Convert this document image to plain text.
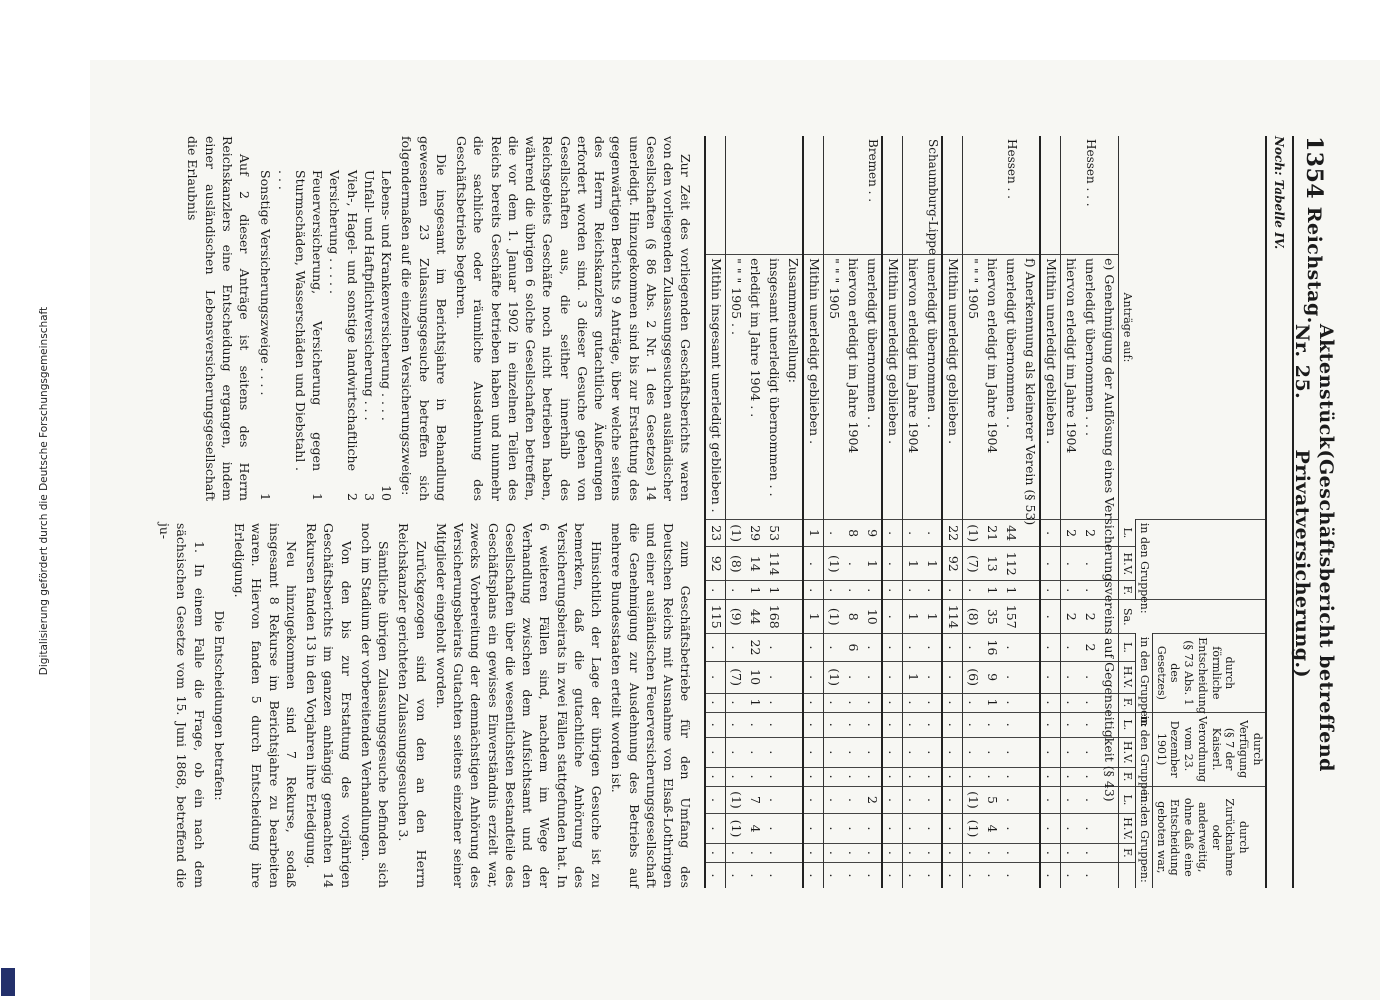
1354
Reichstag.
Aktenstück Nr. 25.
(Geschäftsbericht betreffend Privatversicherung.)
Noch: Tabelle IV.
Anträge auf:		in den Gruppen:			Sa.	durch förmliche Entscheidung (§ 73 Abs. 1 des Gesetzes)			durch Verfügung (§ 7 der Kaiserl. Verordnung vom 23. Dezember 1901)			durch Zurücknahme oder anderweitig, ohne daß eine Entscheidung geboten war,			
						in den Gruppen:			in den Gruppen:			in den Gruppen:			
		L.	H.V.	F.		L.	H.V.	F.	L.	H.V.	F.	L.	H.V.	F.	
	e) Genehmigung der Auflösung eines Versicherungsvereins auf Gegenseitigkeit (§ 43)														
Hessen . . .	unerledigt übernommen . . .	2	.	.	2	2	.	.	.	.	.	.	.	.	.
	hiervon erledigt im Jahre 1904	2	.	.	2	.	.	.	.	.	.	.	.	.	.
	Mithin unerledigt geblieben .	.	.	.	.	.	.	.	.	.	.	.	.	.	.
	f) Anerkennung als kleinerer Verein (§ 53)														
Hessen . .	unerledigt übernommen . .	44	112	1	157	.	.	.	.	.	.	.	.	.	.
	hiervon erledigt im Jahre 1904	21	13	1	35	16	9	1	.	.	.	5	4	.	.
	" " " 1905	(1)	(7)	.	(8)	.	(6)	.	.	.	.	(1)	(1)	.	.
	Mithin unerledigt geblieben .	22	92	.	114	.	.	.	.	.	.	.	.	.	.
Schaumburg-Lippe	unerledigt übernommen . .	.	1	.	1	.	.	.	.	.	.	.	.	.	.
	hiervon erledigt im Jahre 1904	.	1	.	1	.	1	.	.	.	.	.	.	.	.
	Mithin unerledigt geblieben .	.	.	.	.	.	.	.	.	.	.	.	.	.	.
Bremen . .	unerledigt übernommen . .	9	1	.	10	.	.	.	.	.	.	2	.	.	.
	hiervon erledigt im Jahre 1904	8	.	.	8	6	.	.	.	.	.	.	.	.	.
	" " " 1905	.	(1)	.	(1)	.	(1)	.	.	.	.	.	.	.	.
	Mithin unerledigt geblieben .	1	.	.	1	.	.	.	.	.	.	.	.	.	.
	Zusammenstellung:														
	insgesamt unerledigt übernommen . .	53	114	1	168	.	.	.	.	.	.	.	.	.	.
	erledigt im Jahre 1904 . .	29	14	1	44	22	10	1	.	.	.	7	4	.	.
	" " " 1905 . .	(1)	(8)	.	(9)	.	(7)	.	.	.	.	(1)	(1)	.	.
	Mithin insgesamt unerledigt geblieben .	23	92	.	115	.	.	.	.	.	.	.	.	.	.

Zur Zeit des vorliegenden Geschäftsberichts waren von den vorliegenden Zulassungsgesuchen ausländischer Gesellschaften (§ 86 Abs. 2 Nr. 1 des Gesetzes) 14 unerledigt. Hinzugekommen sind bis zur Erstattung des gegenwärtigen Berichts 9 Anträge, über welche seitens des Herrn Reichskanzlers gutachtliche Äußerungen erfordert worden sind. 3 dieser Gesuche gehen von Gesellschaften aus, die seither innerhalb des Reichsgebiets Geschäfte noch nicht betrieben haben, während die übrigen 6 solche Gesellschaften betreffen, die vor dem 1. Januar 1902 in einzelnen Teilen des Reichs bereits Geschäfte betrieben haben und nunmehr die sachliche oder räumliche Ausdehnung des Geschäftsbetriebs begehren.

Die insgesamt im Berichtsjahre in Behandlung gewesenen 23 Zulassungsgesuche betreffen sich folgendermaßen auf die einzelnen Versicherungszweige:

Lebens- und Krankenversicherung . . . .
10
Unfall- und Haftpflichtversicherung . . .
3
Vieh-, Hagel- und sonstige landwirtschaftliche Versicherung . . . . .
2
Feuerversicherung, Versicherung gegen Sturmschäden, Wasserschäden und Diebstahl . . . .
1
Sonstige Versicherungszweige . . . .
1

Auf 2 dieser Anträge ist seitens des Herrn Reichskanzlers eine Entscheidung ergangen, indem einer ausländischen Lebensversicherungsgesellschaft die Erlaubnis

zum Geschäftsbetriebe für den Umfang des Deutschen Reichs mit Ausnahme von Elsaß-Lothringen und einer ausländischen Feuerversicherungsgesellschaft die Genehmigung zur Ausdehnung des Betriebs auf mehrere Bundesstaaten erteilt worden ist.

Hinsichtlich der Lage der übrigen Gesuche ist zu bemerken, daß die gutachtliche Anhörung des Versicherungsbeirats in zwei Fällen stattgefunden hat. In 6 weiteren Fällen sind, nachdem im Wege der Verhandlung zwischen dem Aufsichtsamt und den Gesellschaften über die wesentlichsten Bestandteile des Geschäftsplans ein gewisses Einverständnis erzielt war, zwecks Vorbereitung der demnächstigen Anhörung des Versicherungsbeirats Gutachten seitens einzelner seiner Mitglieder eingeholt worden.

Zurückgezogen sind von den an den Herrn Reichskanzler gerichteten Zulassungsgesuchen 3.

Sämtliche übrigen Zulassungsgesuche befinden sich noch im Stadium der vorbereitenden Verhandlungen.

Von den bis zur Erstattung des vorjährigen Geschäftsberichts im ganzen anhängig gemachten 14 Rekursen fanden 13 in den Vorjahren ihre Erledigung.

Neu hinzugekommen sind 7 Rekurse, sodaß insgesamt 8 Rekurse im Berichtsjahre zu bearbeiten waren. Hiervon fanden 5 durch Entscheidung ihre Erledigung.

Die Entscheidungen betrafen:

1. In einem Falle die Frage, ob ein nach dem sächsischen Gesetze vom 15. Juni 1868, betreffend die ju-

Digitalisierung gefördert durch die Deutsche Forschungsgemeinschaft
